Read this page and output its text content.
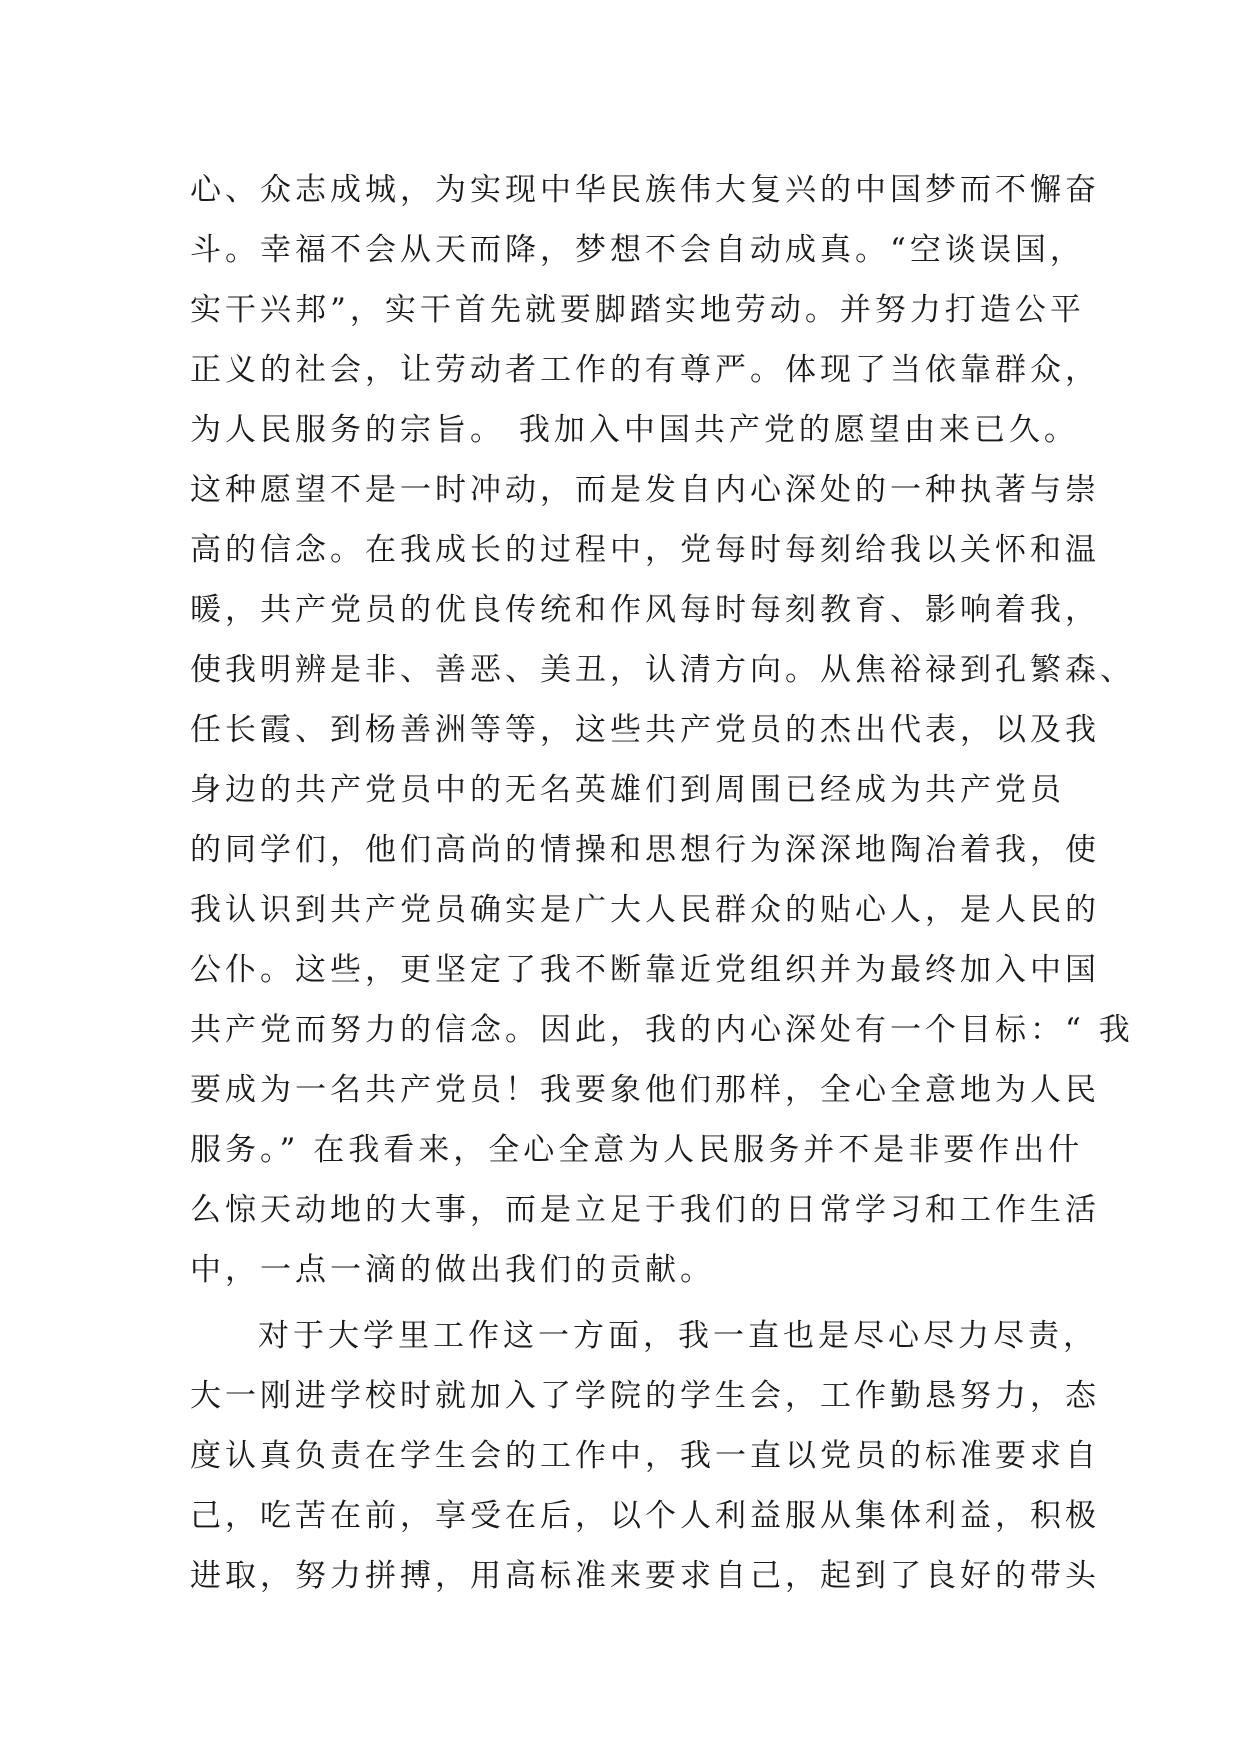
心、众志成城，为实现中华民族伟大复兴的中国梦而不懈奋
斗。幸福不会从天而降，梦想不会自动成真。“空谈误国，
实干兴邦”，实干首先就要脚踏实地劳动。并努力打造公平
正义的社会，让劳动者工作的有尊严。体现了当依靠群众，
为人民服务的宗旨。 我加入中国共产党的愿望由来已久。
这种愿望不是一时冲动，而是发自内心深处的一种执著与崇
高的信念。在我成长的过程中，党每时每刻给我以关怀和温
暖，共产党员的优良传统和作风每时每刻教育、影响着我，
使我明辨是非、善恶、美丑，认清方向。从焦裕禄到孔繁森、
任长霞、到杨善洲等等，这些共产党员的杰出代表，以及我
身边的共产党员中的无名英雄们到周围已经成为共产党员
的同学们，他们高尚的情操和思想行为深深地陶冶着我，使
我认识到共产党员确实是广大人民群众的贴心人，是人民的
公仆。这些，更坚定了我不断靠近党组织并为最终加入中国
共产党而努力的信念。因此，我的内心深处有一个目标：“ 我
要成为一名共产党员！我要象他们那样，全心全意地为人民
服务。” 在我看来，全心全意为人民服务并不是非要作出什
么惊天动地的大事，而是立足于我们的日常学习和工作生活
中，一点一滴的做出我们的贡献。
对于大学里工作这一方面，我一直也是尽心尽力尽责，
大一刚进学校时就加入了学院的学生会，工作勤恳努力，态
度认真负责在学生会的工作中，我一直以党员的标准要求自
己，吃苦在前，享受在后，以个人利益服从集体利益，积极
进取，努力拼搏，用高标准来要求自己，起到了良好的带头
